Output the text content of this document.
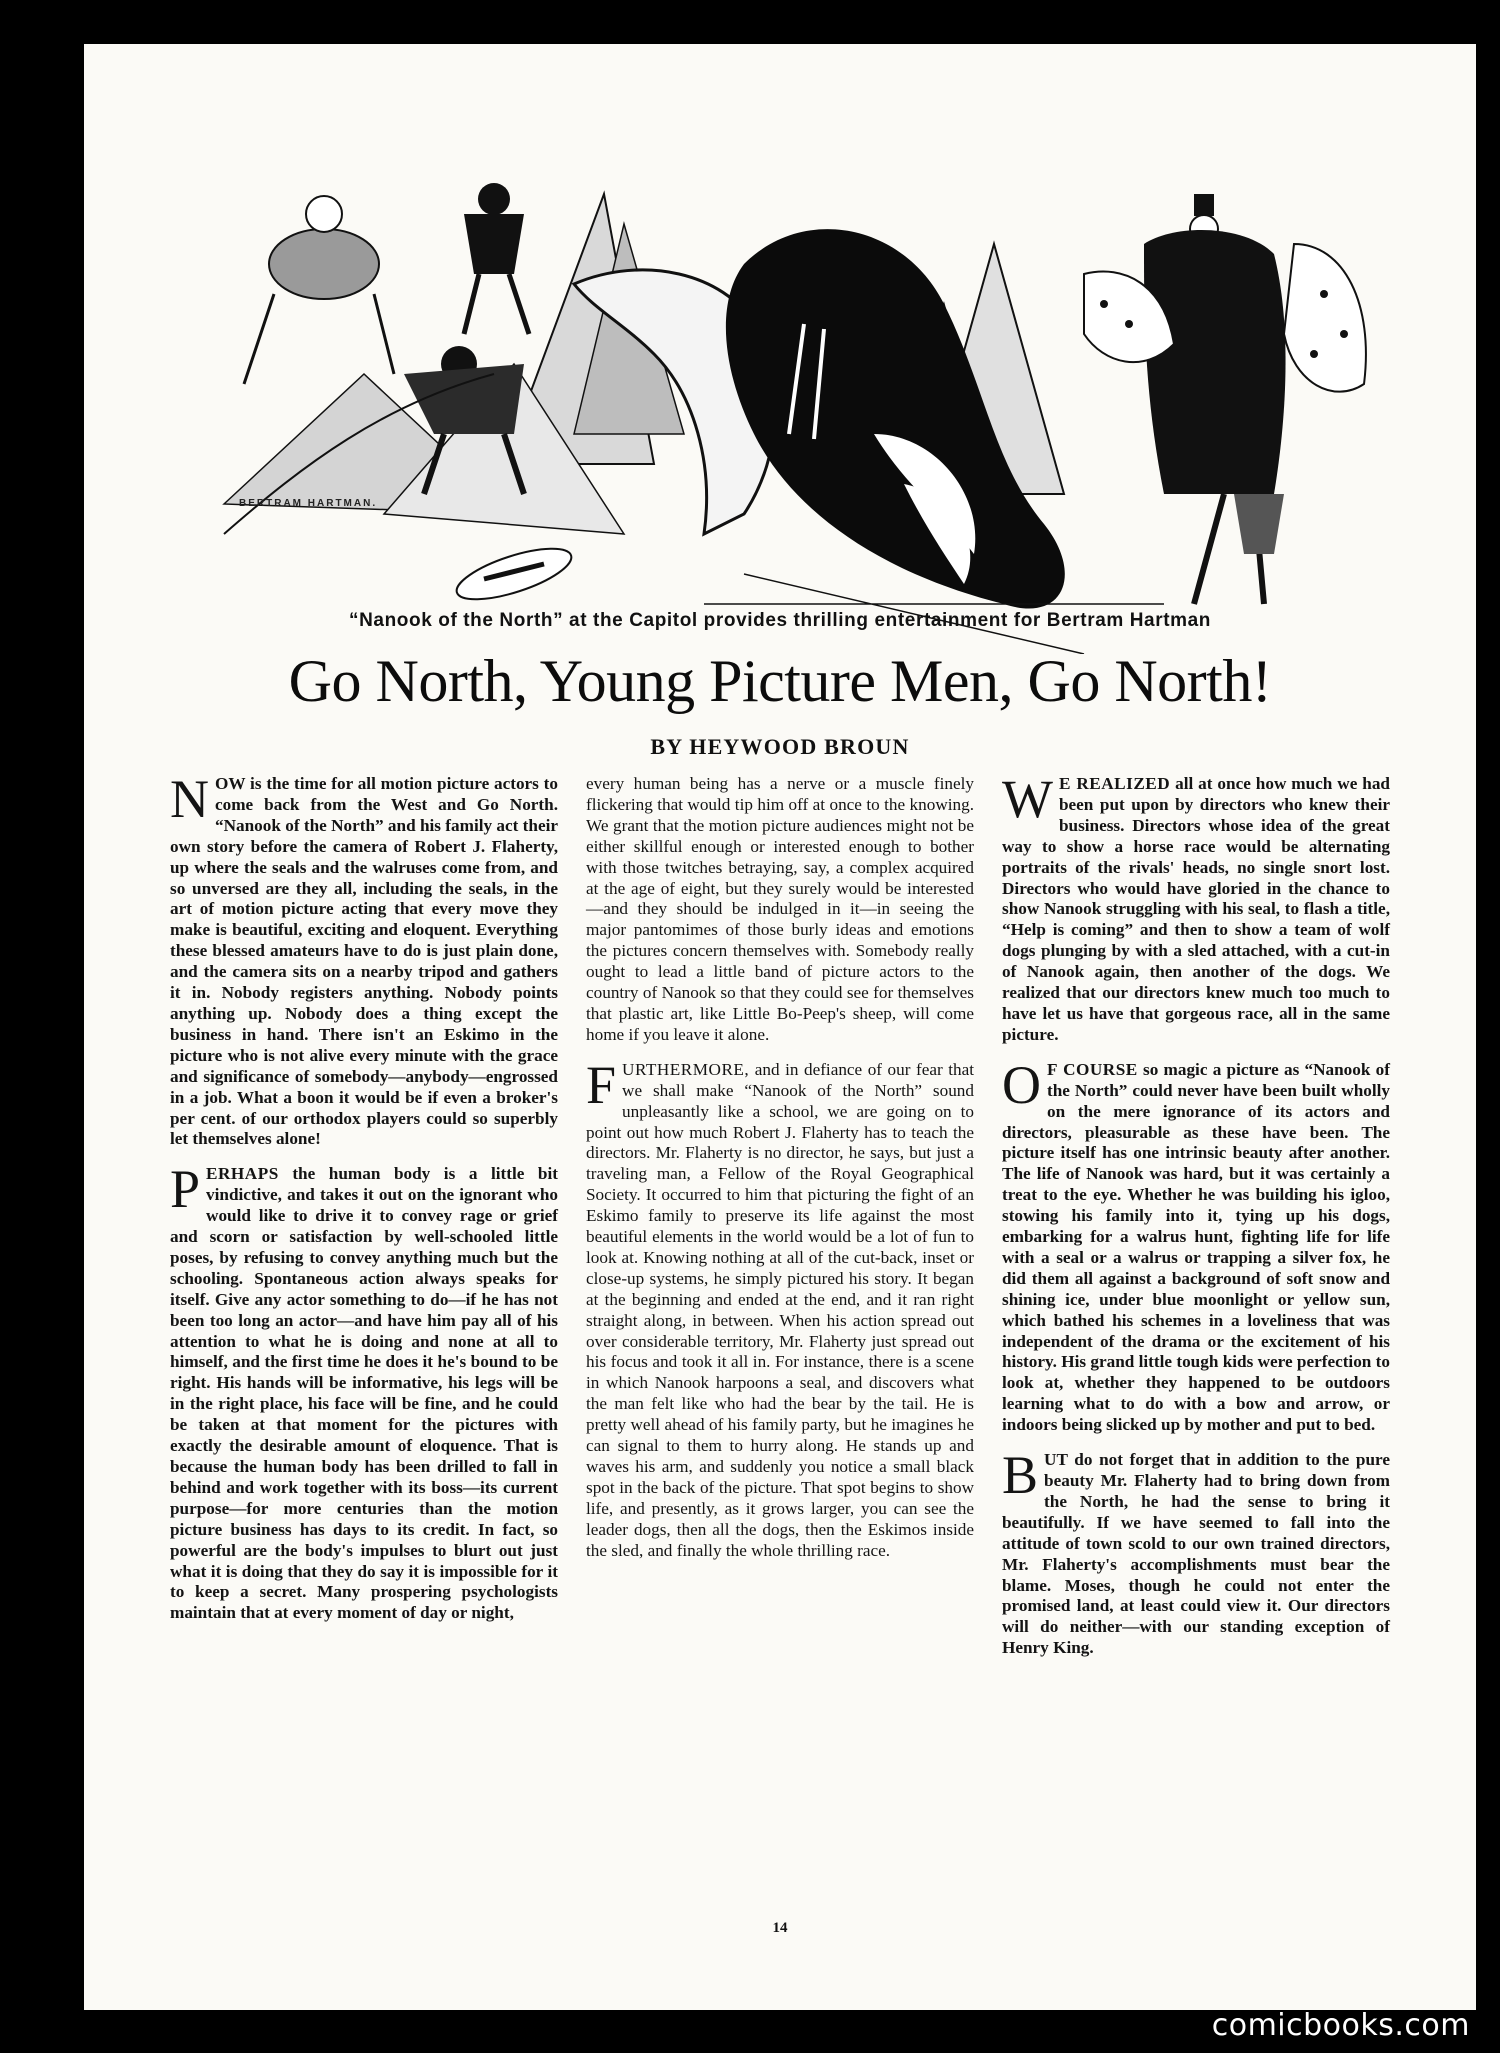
BERTRAM HARTMAN.
“Nanook of the North” at the Capitol provides thrilling entertainment for Bertram Hartman
Go North, Young Picture Men, Go North!
BY HEYWOOD BROUN

NOW is the time for all motion picture actors to come back from the West and Go North. “Nanook of the North” and his family act their own story before the camera of Robert J. Flaherty, up where the seals and the walruses come from, and so unversed are they all, including the seals, in the art of motion picture acting that every move they make is beautiful, exciting and eloquent. Everything these blessed amateurs have to do is just plain done, and the camera sits on a nearby tripod and gathers it in. Nobody registers anything. Nobody points anything up. Nobody does a thing except the business in hand. There isn't an Eskimo in the picture who is not alive every minute with the grace and significance of somebody—anybody—engrossed in a job. What a boon it would be if even a broker's per cent. of our orthodox players could so superbly let themselves alone!

PERHAPS the human body is a little bit vindictive, and takes it out on the ignorant who would like to drive it to convey rage or grief and scorn or satisfaction by well-schooled little poses, by refusing to convey anything much but the schooling. Spontaneous action always speaks for itself. Give any actor something to do—if he has not been too long an actor—and have him pay all of his attention to what he is doing and none at all to himself, and the first time he does it he's bound to be right. His hands will be informative, his legs will be in the right place, his face will be fine, and he could be taken at that moment for the pictures with exactly the desirable amount of eloquence. That is because the human body has been drilled to fall in behind and work together with its boss—its current purpose—for more centuries than the motion picture business has days to its credit. In fact, so powerful are the body's impulses to blurt out just what it is doing that they do say it is impossible for it to keep a secret. Many prospering psychologists maintain that at every moment of day or night,

every human being has a nerve or a muscle finely flickering that would tip him off at once to the knowing. We grant that the motion picture audiences might not be either skillful enough or interested enough to bother with those twitches betraying, say, a complex acquired at the age of eight, but they surely would be interested—and they should be indulged in it—in seeing the major pantomimes of those burly ideas and emotions the pictures concern themselves with. Somebody really ought to lead a little band of picture actors to the country of Nanook so that they could see for themselves that plastic art, like Little Bo-Peep's sheep, will come home if you leave it alone.

FURTHERMORE, and in defiance of our fear that we shall make “Nanook of the North” sound unpleasantly like a school, we are going on to point out how much Robert J. Flaherty has to teach the directors. Mr. Flaherty is no director, he says, but just a traveling man, a Fellow of the Royal Geographical Society. It occurred to him that picturing the fight of an Eskimo family to preserve its life against the most beautiful elements in the world would be a lot of fun to look at. Knowing nothing at all of the cut-back, inset or close-up systems, he simply pictured his story. It began at the beginning and ended at the end, and it ran right straight along, in between. When his action spread out over considerable territory, Mr. Flaherty just spread out his focus and took it all in. For instance, there is a scene in which Nanook harpoons a seal, and discovers what the man felt like who had the bear by the tail. He is pretty well ahead of his family party, but he imagines he can signal to them to hurry along. He stands up and waves his arm, and suddenly you notice a small black spot in the back of the picture. That spot begins to show life, and presently, as it grows larger, you can see the leader dogs, then all the dogs, then the Eskimos inside the sled, and finally the whole thrilling race.

W E REALIZED all at once how much we had been put upon by directors who knew their business. Directors whose idea of the great way to show a horse race would be alternating portraits of the rivals' heads, no single snort lost. Directors who would have gloried in the chance to show Nanook struggling with his seal, to flash a title, “Help is coming” and then to show a team of wolf dogs plunging by with a sled attached, with a cut-in of Nanook again, then another of the dogs. We realized that our directors knew much too much to have let us have that gorgeous race, all in the same picture.

O F COURSE so magic a picture as “Nanook of the North” could never have been built wholly on the mere ignorance of its actors and directors, pleasurable as these have been. The picture itself has one intrinsic beauty after another. The life of Nanook was hard, but it was certainly a treat to the eye. Whether he was building his igloo, stowing his family into it, tying up his dogs, embarking for a walrus hunt, fighting life for life with a seal or a walrus or trapping a silver fox, he did them all against a background of soft snow and shining ice, under blue moonlight or yellow sun, which bathed his schemes in a loveliness that was independent of the drama or the excitement of his history. His grand little tough kids were perfection to look at, whether they happened to be outdoors learning what to do with a bow and arrow, or indoors being slicked up by mother and put to bed.

BUT do not forget that in addition to the pure beauty Mr. Flaherty had to bring down from the North, he had the sense to bring it beautifully. If we have seemed to fall into the attitude of town scold to our own trained directors, Mr. Flaherty's accomplishments must bear the blame. Moses, though he could not enter the promised land, at least could view it. Our directors will do neither—with our standing exception of Henry King.

14
comicbooks.com
